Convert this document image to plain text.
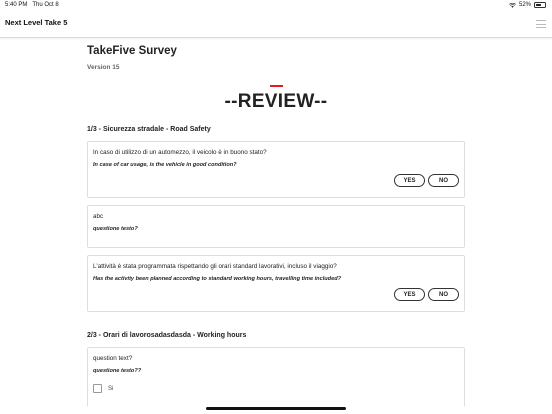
5:40 PM Thu Oct 8	52%
Next Level Take 5
TakeFive Survey
Version 15
--REVIEW--
1/3 - Sicurezza stradale - Road Safety
In caso di utilizzo di un automezzo, il veicolo è in buono stato?
In case of car usage, is the vehicle in good condition?
YES	NO
abc
questione testo?
L'attività è stata programmata rispettando gli orari standard lavorativi, incluso il viaggio?
Has the activity been planned according to standard working hours, travelling time included?
YES	NO
2/3 - Orari di lavorosadasdasda - Working hours
question text?
questione testo??
Si
